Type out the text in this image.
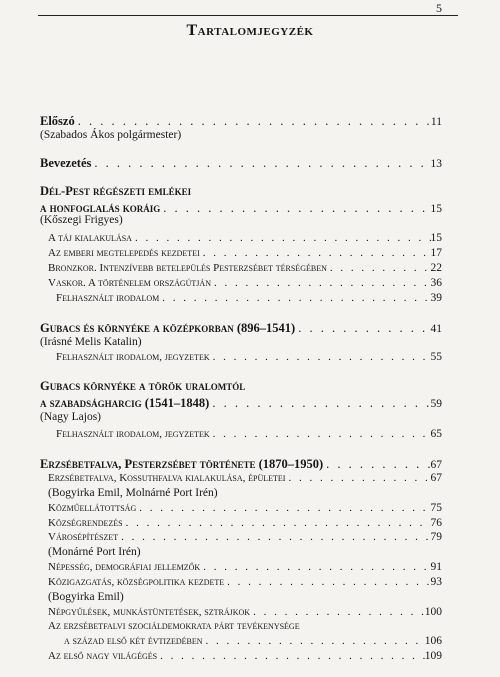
5
Tartalomjegyzék
Előszó . . .	11
(Szabados Ákos polgármester)
Bevezetés . . .	13
Dél-Pest régészeti emlékei
a honfoglalás koráig . . .	15
(Kőszegi Frigyes)
A táj kialakulása . . .	15
Az emberi megtelepedés kezdetei . . .	17
Bronzkor. Intenzívebb betelepülés Pesterzsébet térségében . . .	22
Vaskor. A történelem országútján . . .	36
Felhasznált irodalom . . .	39
Gubacs és környéke a középkorban (896–1541) . . .	41
(Irásné Melis Katalin)
Felhasznált irodalom, jegyzetek . . .	55
Gubacs környéke a török uralomtól
a szabadságharcig (1541–1848) . . .	59
(Nagy Lajos)
Felhasznált irodalom, jegyzetek . . .	65
Erzsébetfalva, Pesterzsébet története (1870–1950) . . .	67
Erzsébetfalva, Kossuthfalva kialakulása, épületei . . .	67
(Bogyirka Emil, Molnárné Port Irén)
Közműellátottság . . .	75
Községrendezés . . .	76
Városépítészet . . .	79
(Monárné Port Irén)
Népesség, demográfiai jellemzők . . .	91
Közigazgatás, községpolitika kezdete . . .	93
(Bogyirka Emil)
Népgyűlések, munkástüntetések, sztrájkok . . .	100
Az erzsébetfalvi szociáldemokrata párt tevékenysége
a század első két évtizedében . . .	106
Az első nagy világégés . . .	109
